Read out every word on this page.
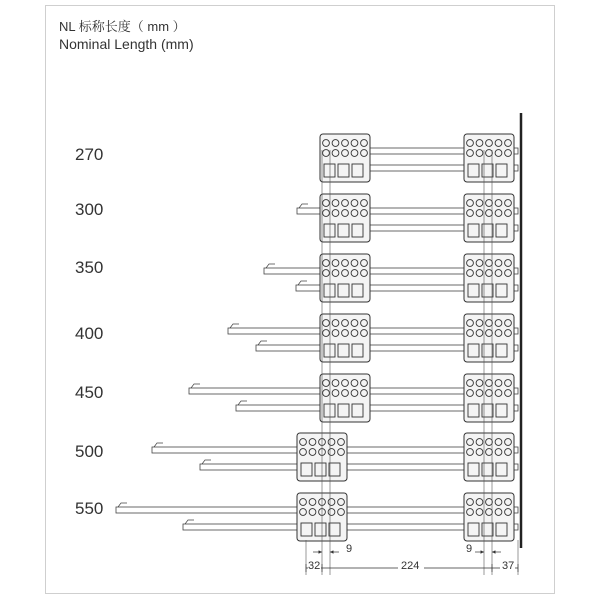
NL 标称长度（ mm ）
Nominal Length (mm)
270
300
350
400
450
500
550
9	9
32	224	37
